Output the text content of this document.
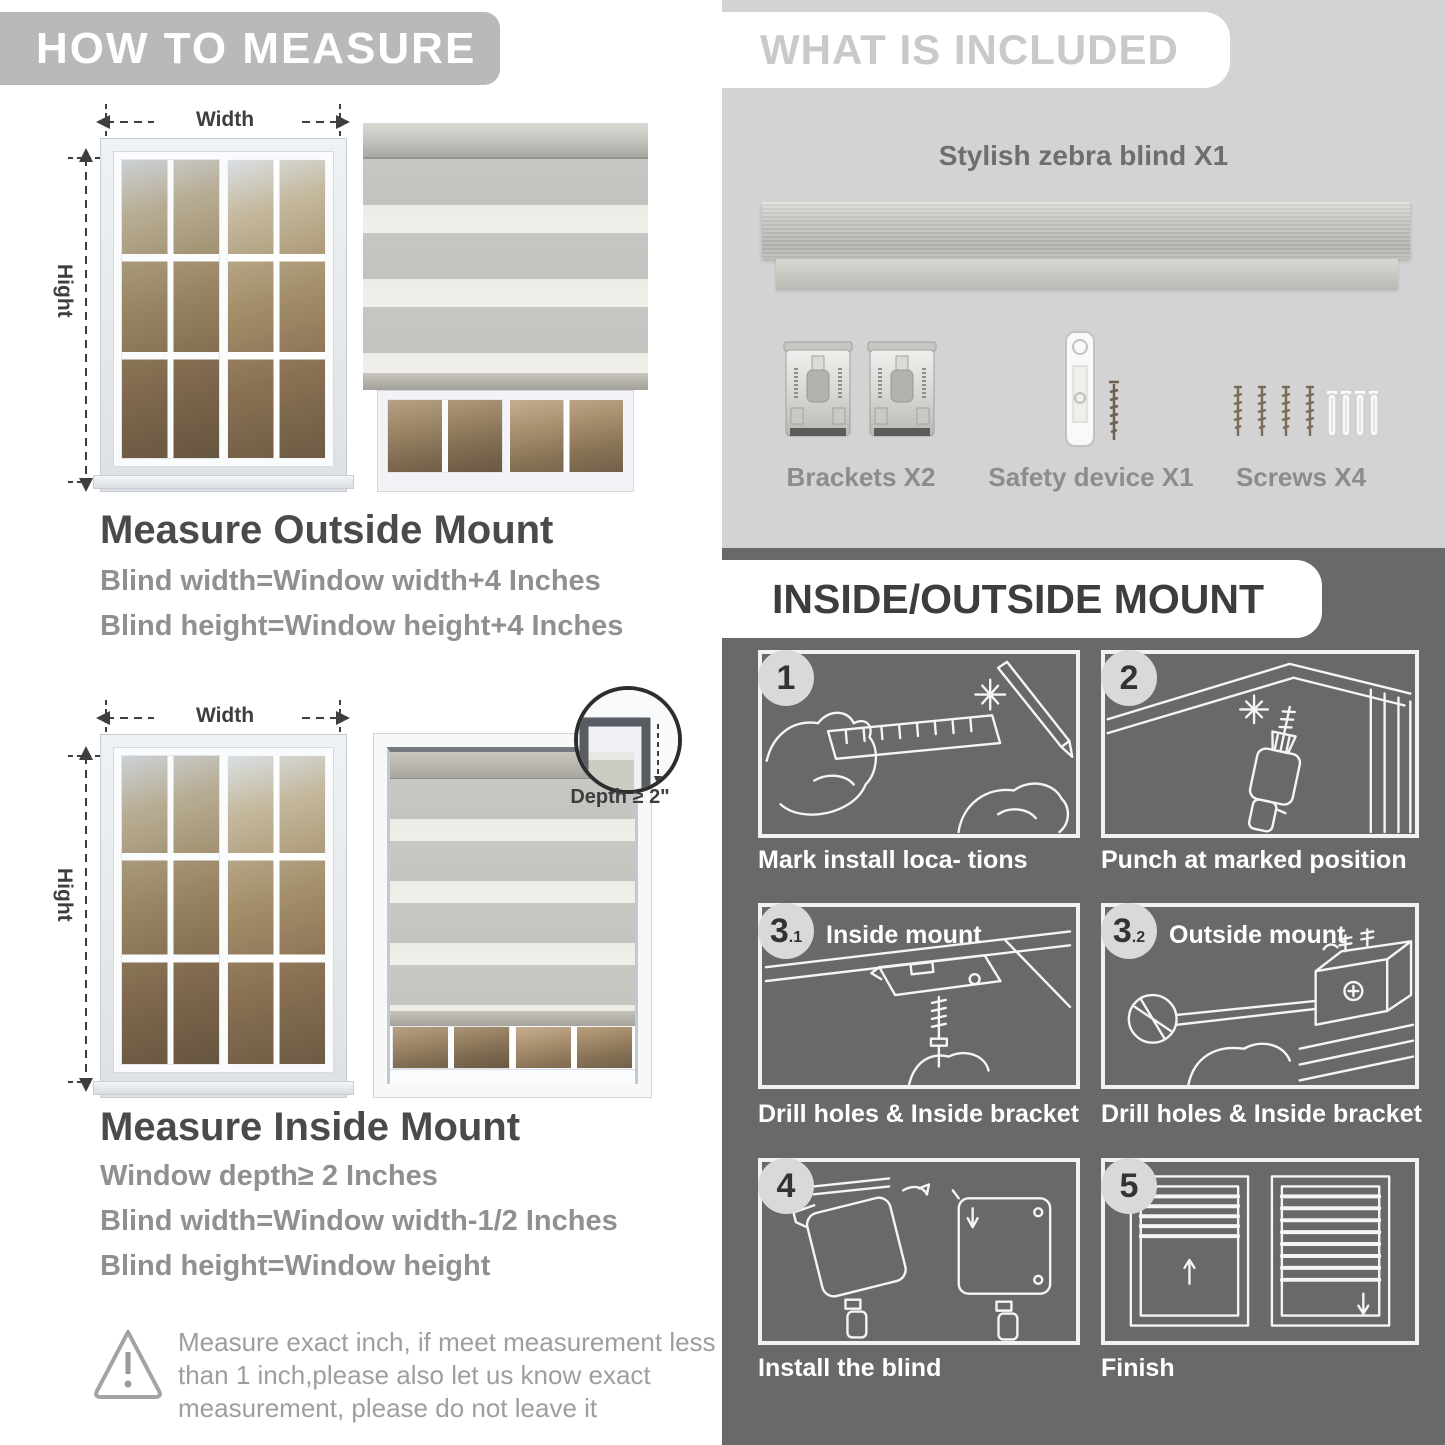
HOW TO MEASURE
Width
Hight
Measure Outside Mount
Blind width=Window width+4 Inches
Blind height=Window height+4 Inches
Width
Hight
Depth ≥ 2"
Measure Inside Mount
Window depth≥ 2 Inches
Blind width=Window width-1/2 Inches
Blind height=Window height
Measure exact inch, if meet measurement less
than 1 inch,please also let us know exact
measurement, please do not leave it
WHAT IS INCLUDED
Stylish zebra blind X1
Brackets X2	Safety device X1	Screws X4
INSIDE/OUTSIDE MOUNT
1
Mark install loca- tions
2
Punch at marked position
3 .1 Inside mount
Drill holes & Inside bracket
3 .2 Outside mount
Drill holes & Inside bracket
4
Install the blind
5
Finish
